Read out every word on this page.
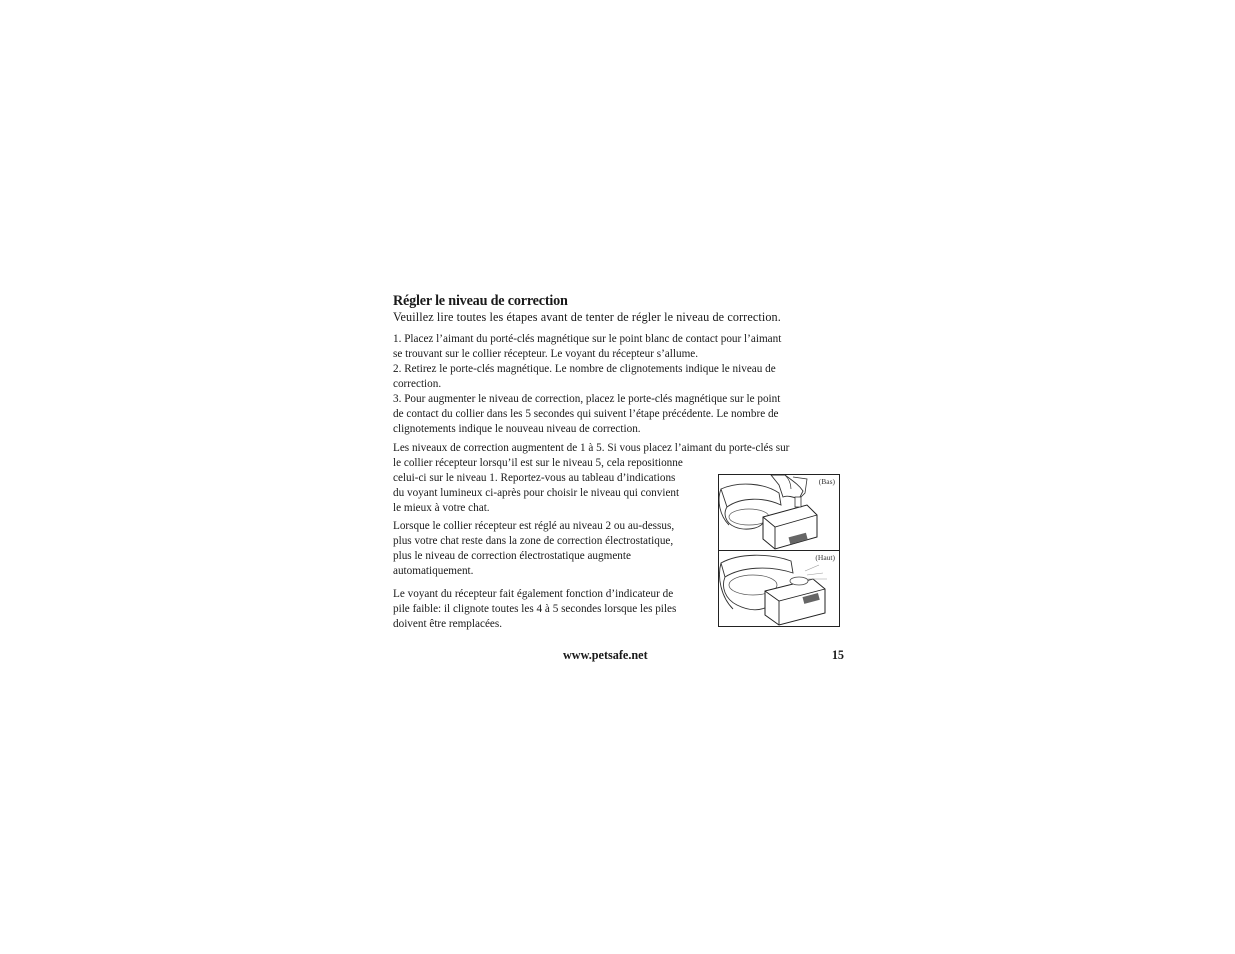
Régler le niveau de correction
Veuillez lire toutes les étapes avant de tenter de régler le niveau de correction.
1. Placez l’aimant du porté-clés magnétique sur le point blanc de contact pour l’aimant
se trouvant sur le collier récepteur. Le voyant du récepteur s’allume.
2. Retirez le porte-clés magnétique. Le nombre de clignotements indique le niveau de
correction.
3. Pour augmenter le niveau de correction, placez le porte-clés magnétique sur le point
de contact du collier dans les 5 secondes qui suivent l’étape précédente. Le nombre de
clignotements indique le nouveau niveau de correction.
Les niveaux de correction augmentent de 1 à 5. Si vous placez l’aimant du porte-clés sur
le collier récepteur lorsqu’il est sur le niveau 5, cela repositionne
celui-ci sur le niveau 1. Reportez-vous au tableau d’indications
du voyant lumineux ci-après pour choisir le niveau qui convient
le mieux à votre chat.
Lorsque le collier récepteur est réglé au niveau 2 ou au-dessus,
plus votre chat reste dans la zone de correction électrostatique,
plus le niveau de correction électrostatique augmente
automatiquement.
Le voyant du récepteur fait également fonction d’indicateur de
pile faible: il clignote toutes les 4 à 5 secondes lorsque les piles
doivent être remplacées.
(Bas)
(Haut)
www.petsafe.net	15
